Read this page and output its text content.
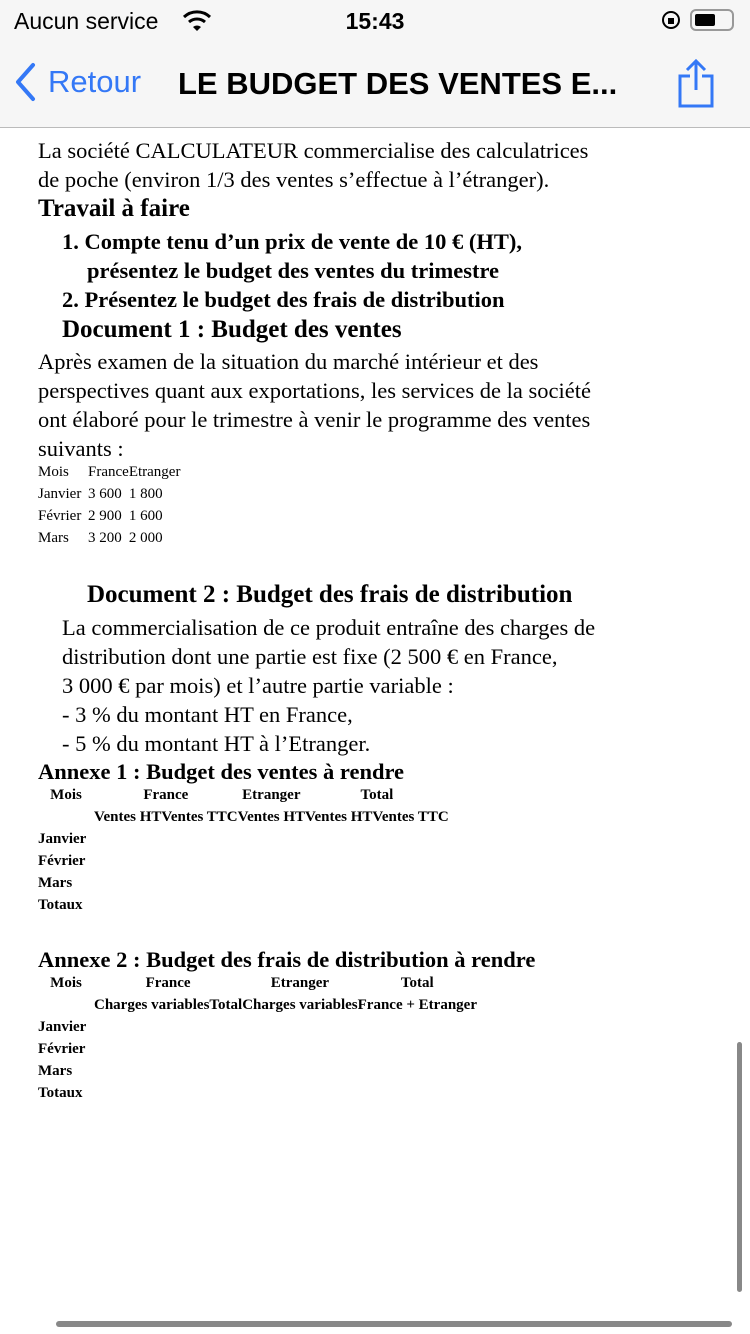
Aucun service	15:43
Retour LE BUDGET DES VENTES E...
La société CALCULATEUR commercialise des calculatrices
de poche (environ 1/3 des ventes s’effectue à l’étranger).
Travail à faire
1. Compte tenu d’un prix de vente de 10 € (HT),
présentez le budget des ventes du trimestre
2. Présentez le budget des frais de distribution
Document 1 : Budget des ventes
Après examen de la situation du marché intérieur et des
perspectives quant aux exportations, les services de la société
ont élaboré pour le trimestre à venir le programme des ventes
suivants :
Mois	France	Etranger
Janvier	3 600	1 800
Février	2 900	1 600
Mars	3 200	2 000
Document 2 : Budget des frais de distribution
La commercialisation de ce produit entraîne des charges de
distribution dont une partie est fixe (2 500 € en France,
3 000 € par mois) et l’autre partie variable :
- 3 % du montant HT en France,
- 5 % du montant HT à l’Etranger.
Annexe 1 : Budget des ventes à rendre
Mois	France		Etranger	Total	
	Ventes HT	Ventes TTC	Ventes HT	Ventes HT	Ventes TTC
Janvier					
Février					
Mars					
Totaux					
Annexe 2 : Budget des frais de distribution à rendre
Mois	France		Etranger	Total
	Charges variables	Total	Charges variables	France + Etranger
Janvier				
Février				
Mars				
Totaux				
